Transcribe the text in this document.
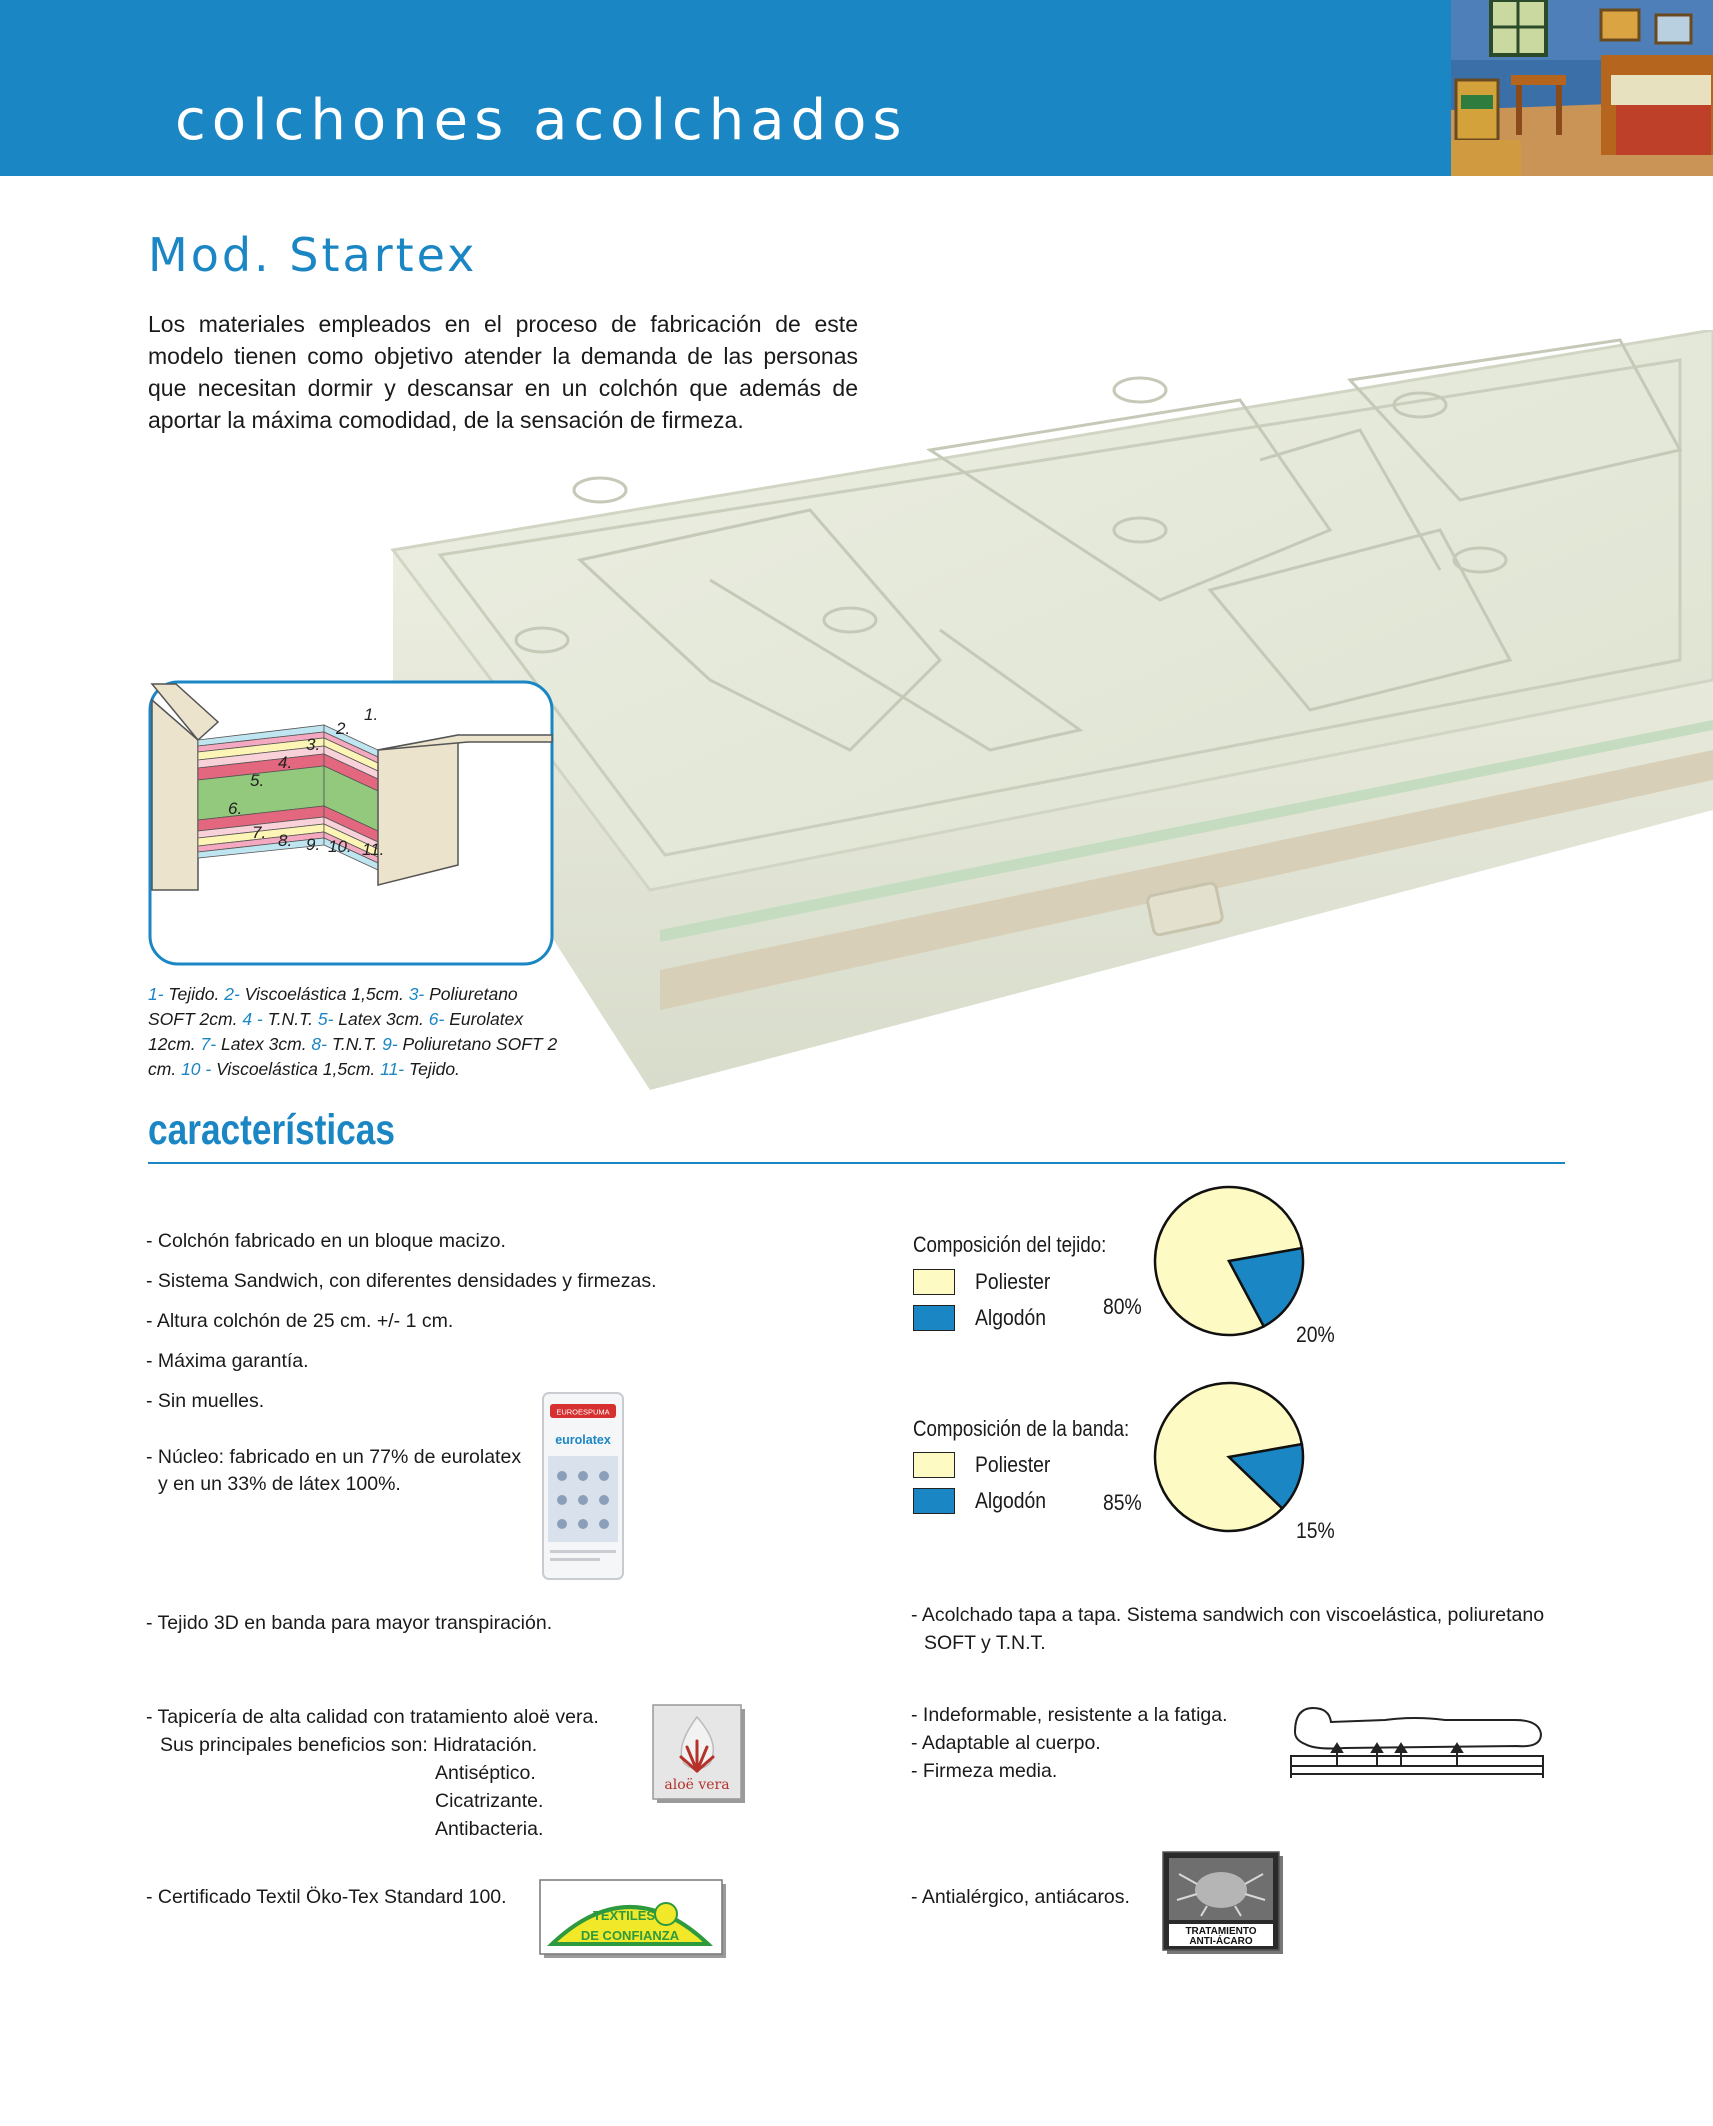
colchones acolchados
Mod. Startex
Los materiales empleados en el proceso de fabricación de este modelo tienen como objetivo atender la demanda de las personas que necesitan dormir y descansar en un colchón que además de aportar la máxima comodidad, de la sensación de firmeza.
1.
2.
3.
4.
5.
6.
7. 8. 9. 10. 11.
1- Tejido. 2- Viscoelástica 1,5cm. 3- Poliuretano SOFT 2cm. 4 - T.N.T. 5- Latex 3cm. 6- Eurolatex 12cm. 7- Latex 3cm. 8- T.N.T. 9- Poliuretano SOFT 2 cm. 10 - Viscoelástica 1,5cm. 11- Tejido.
características
- Colchón fabricado en un bloque macizo.
- Sistema Sandwich, con diferentes densidades y firmezas.
- Altura colchón de 25 cm. +/- 1 cm.
- Máxima garantía.
- Sin muelles.
- Núcleo: fabricado en un 77% de eurolatex
y en un 33% de látex 100%.
EUROESPUMA
eurolatex
Composición del tejido:
Poliester
Algodón	80%
20%
Composición de la banda:
Poliester
Algodón	85%
15%
- Tejido 3D en banda para mayor transpiración.
- Tapicería de alta calidad con tratamiento aloë vera.
Sus principales beneficios son: Hidratación.
Antiséptico.
Cicatrizante.
Antibacteria.
aloë vera
- Certificado Textil Öko-Tex Standard 100.
TEXTILES
DE CONFIANZA
- Acolchado tapa a tapa. Sistema sandwich con viscoelástica, poliuretano
SOFT y T.N.T.
- Indeformable, resistente a la fatiga.
- Adaptable al cuerpo.
- Firmeza media.
- Antialérgico, antiácaros.
TRATAMIENTO
ANTI-ÁCARO
